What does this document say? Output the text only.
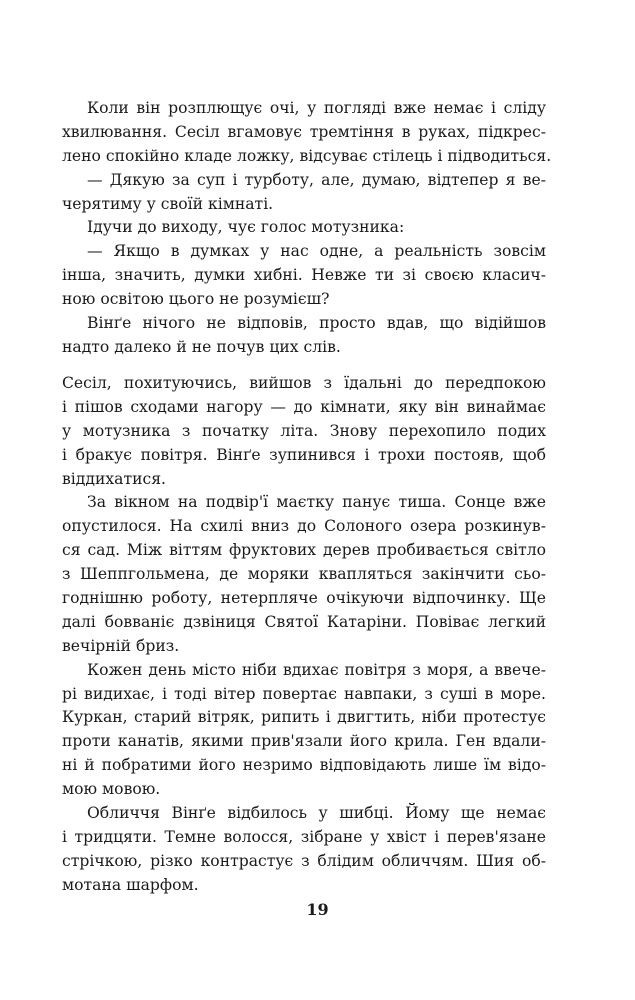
Коли він розплющує очі, у погляді вже немає і сліду
хвилювання. Сесіл вгамовує тремтіння в руках, підкрес-
лено спокійно кладе ложку, відсуває стілець і підводиться.
— Дякую за суп і турботу, але, думаю, відтепер я ве-
черятиму у своїй кімнаті.
Ідучи до виходу, чує голос мотузника:
— Якщо в думках у нас одне, а реальність зовсім
інша, значить, думки хибні. Невже ти зі своєю класич-
ною освітою цього не розумієш?
Вінґе нічого не відповів, просто вдав, що відійшов
надто далеко й не почув цих слів.
Сесіл, похитуючись, вийшов з їдальні до передпокою
і пішов сходами нагору — до кімнати, яку він винаймає
у мотузника з початку літа. Знову перехопило подих
і бракує повітря. Вінґе зупинився і трохи постояв, щоб
віддихатися.
За вікном на подвір'ї маєтку панує тиша. Сонце вже
опустилося. На схилі вниз до Солоного озера розкинув-
ся сад. Між віттям фруктових дерев пробивається світло
з Шеппгольмена, де моряки кваплятьcя закінчити сьо-
годнішню роботу, нетерпляче очікуючи відпочинку. Ще
далі бовваніє дзвіниця Святої Катаріни. Повіває легкий
вечірній бриз.
Кожен день місто ніби вдихає повітря з моря, а ввече-
рі видихає, і тоді вітер повертає навпаки, з суші в море.
Куркан, старий вітряк, рипить і двигтить, ніби протестує
проти канатів, якими прив'язали його крила. Ген вдали-
ні й побратими його незримо відповідають лише їм відо-
мою мовою.
Обличчя Вінґе відбилось у шибці. Йому ще немає
і тридцяти. Темне волосся, зібране у хвіст і перев'язане
стрічкою, різко контрастує з блідим обличчям. Шия об-
мотана шарфом.
19
